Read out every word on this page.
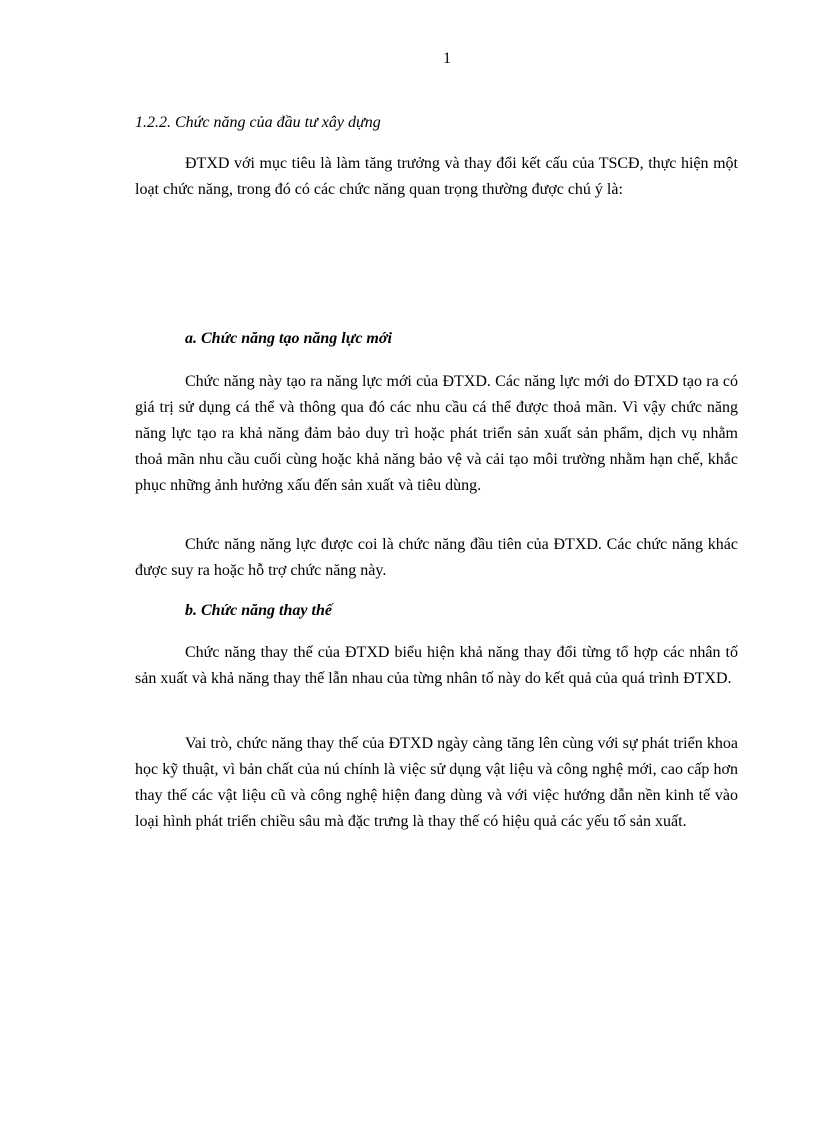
1

1.2.2. Chức năng của đầu tư xây dựng

ĐTXD với mục tiêu là làm tăng trưởng và thay đổi kết cấu của TSCĐ, thực hiện một loạt chức năng, trong đó có các chức năng quan trọng thường được chú ý là:

a. Chức năng tạo năng lực mới

Chức năng này tạo ra năng lực mới của ĐTXD. Các năng lực mới do ĐTXD tạo ra có giá trị sử dụng cá thể và thông qua đó các nhu cầu cá thể được thoả mãn. Vì vậy chức năng năng lực tạo ra khả năng đảm bảo duy trì hoặc phát triển sản xuất sản phẩm, dịch vụ nhằm thoả mãn nhu cầu cuối cùng hoặc khả năng bảo vệ và cải tạo môi trường nhằm hạn chế, khắc phục những ảnh hưởng xấu đến sản xuất và tiêu dùng.

Chức năng năng lực được coi là chức năng đầu tiên của ĐTXD. Các chức năng khác được suy ra hoặc hỗ trợ chức năng này.

b. Chức năng thay thế

Chức năng thay thế của ĐTXD biểu hiện khả năng thay đổi từng tổ hợp các nhân tố sản xuất và khả năng thay thế lẫn nhau của từng nhân tố này do kết quả của quá trình ĐTXD.

Vai trò, chức năng thay thế của ĐTXD ngày càng tăng lên cùng với sự phát triển khoa học kỹ thuật, vì bản chất của nú chính là việc sử dụng vật liệu và công nghệ mới, cao cấp hơn thay thế các vật liệu cũ và công nghệ hiện đang dùng và với việc hướng dẫn nền kinh tế vào loại hình phát triển chiều sâu mà đặc trưng là thay thế có hiệu quả các yếu tố sản xuất.
